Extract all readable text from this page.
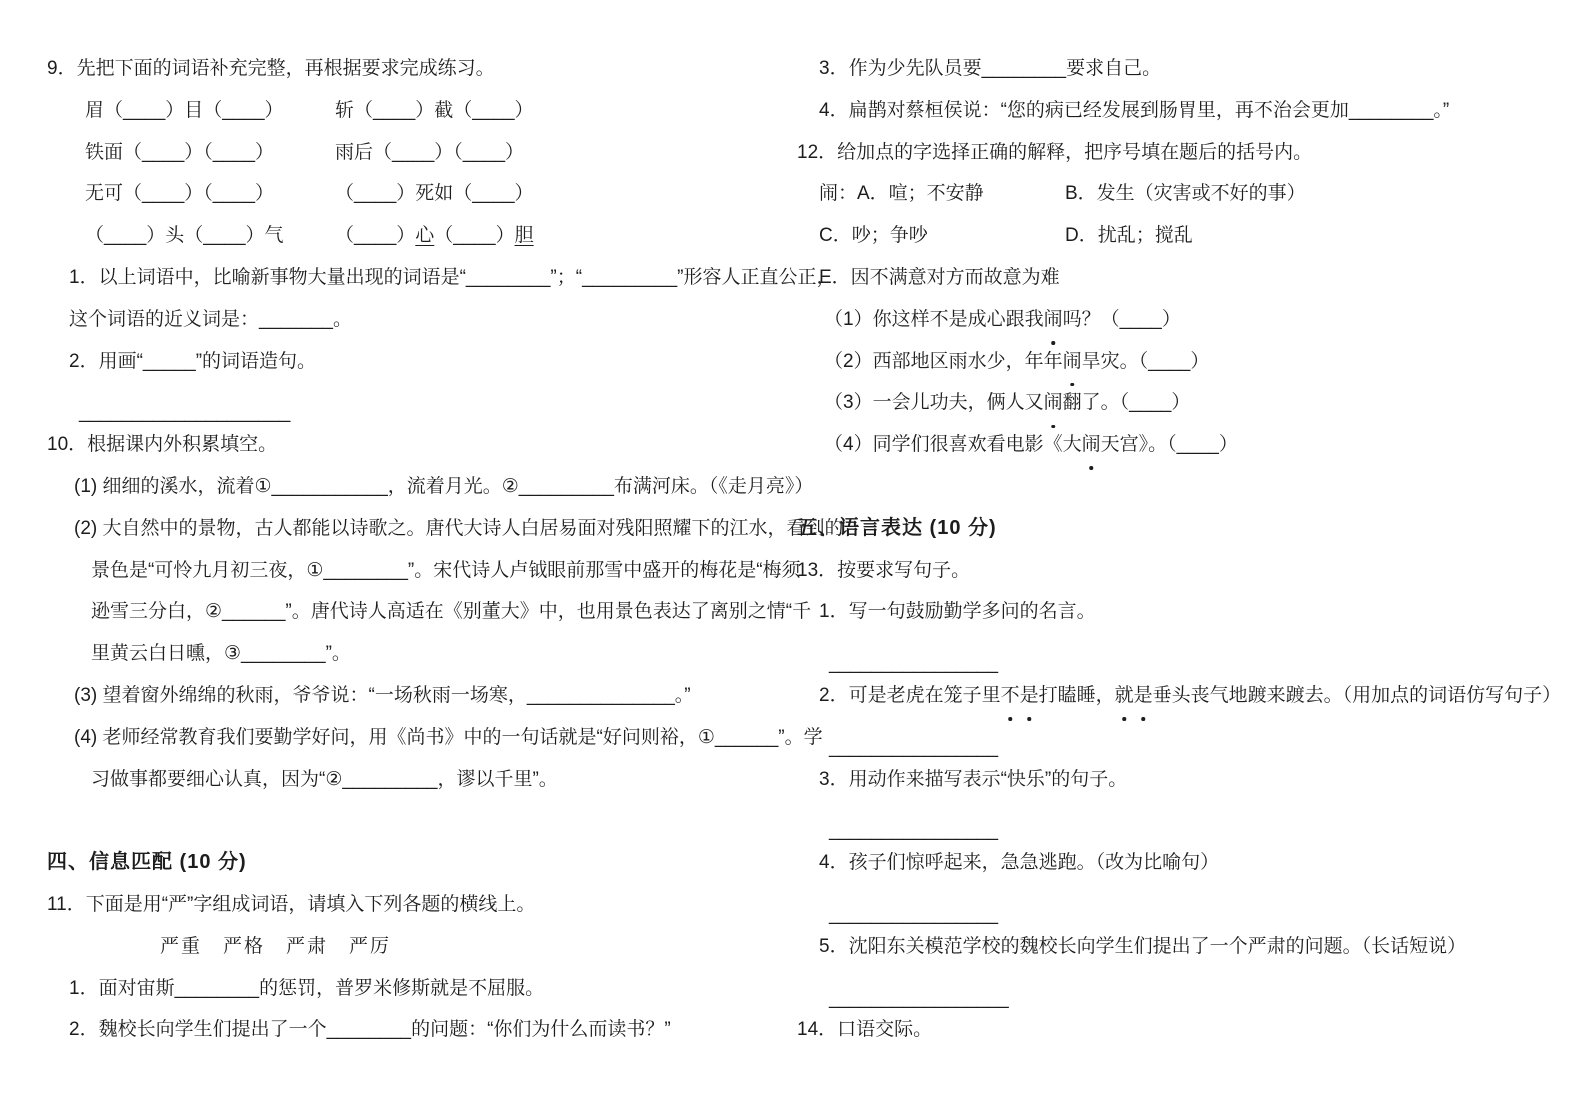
9．先把下面的词语补充完整，再根据要求完成练习。
眉（____）目（____）	斩（____）截（____）
铁面（____）（____）	雨后（____）（____）
无可（____）（____）	（____）死如（____）
（____）头（____）气	（____）心（____）胆
1．以上词语中，比喻新事物大量出现的词语是“________”；“_________”形容人正直公正，
这个词语的近义词是：_______。
2．用画“_____”的词语造句。
____________________
10．根据课内外积累填空。
(1) 细细的溪水，流着①___________，流着月光。②_________布满河床。（《走月亮》）
(2) 大自然中的景物，古人都能以诗歌之。唐代大诗人白居易面对残阳照耀下的江水，看到的
景色是“可怜九月初三夜，①________”。宋代诗人卢钺眼前那雪中盛开的梅花是“梅须
逊雪三分白，②______”。唐代诗人高适在《别董大》中，也用景色表达了离别之情“千
里黄云白日曛，③________”。
(3) 望着窗外绵绵的秋雨，爷爷说：“一场秋雨一场寒，______________。”
(4) 老师经常教育我们要勤学好问，用《尚书》中的一句话就是“好问则裕，①______”。学
习做事都要细心认真，因为“②_________，谬以千里”。
四、信息匹配 (10 分)
11．下面是用“严”字组成词语，请填入下列各题的横线上。
严重　严格　严肃　严厉
1．面对宙斯________的惩罚，普罗米修斯就是不屈服。
2．魏校长向学生们提出了一个________的问题：“你们为什么而读书？”
3．作为少先队员要________要求自己。
4．扁鹊对蔡桓侯说：“您的病已经发展到肠胃里，再不治会更加________。”
12．给加点的字选择正确的解释，把序号填在题后的括号内。
闹：A．喧；不安静	B．发生（灾害或不好的事）
C．吵；争吵	D．扰乱；搅乱
E．因不满意对方而故意为难
（1）你这样不是成心跟我闹吗？（____）
（2）西部地区雨水少，年年闹旱灾。（____）
（3）一会儿功夫，俩人又闹翻了。（____）
（4）同学们很喜欢看电影《大闹天宫》。（____）
五、语言表达 (10 分)
13．按要求写句子。
1．写一句鼓励勤学多问的名言。
________________
2．可是老虎在笼子里不是打瞌睡，就是垂头丧气地踱来踱去。（用加点的词语仿写句子）
________________
3．用动作来描写表示“快乐”的句子。
________________
4．孩子们惊呼起来，急急逃跑。（改为比喻句）
________________
5．沈阳东关模范学校的魏校长向学生们提出了一个严肃的问题。（长话短说）
_________________
14．口语交际。
